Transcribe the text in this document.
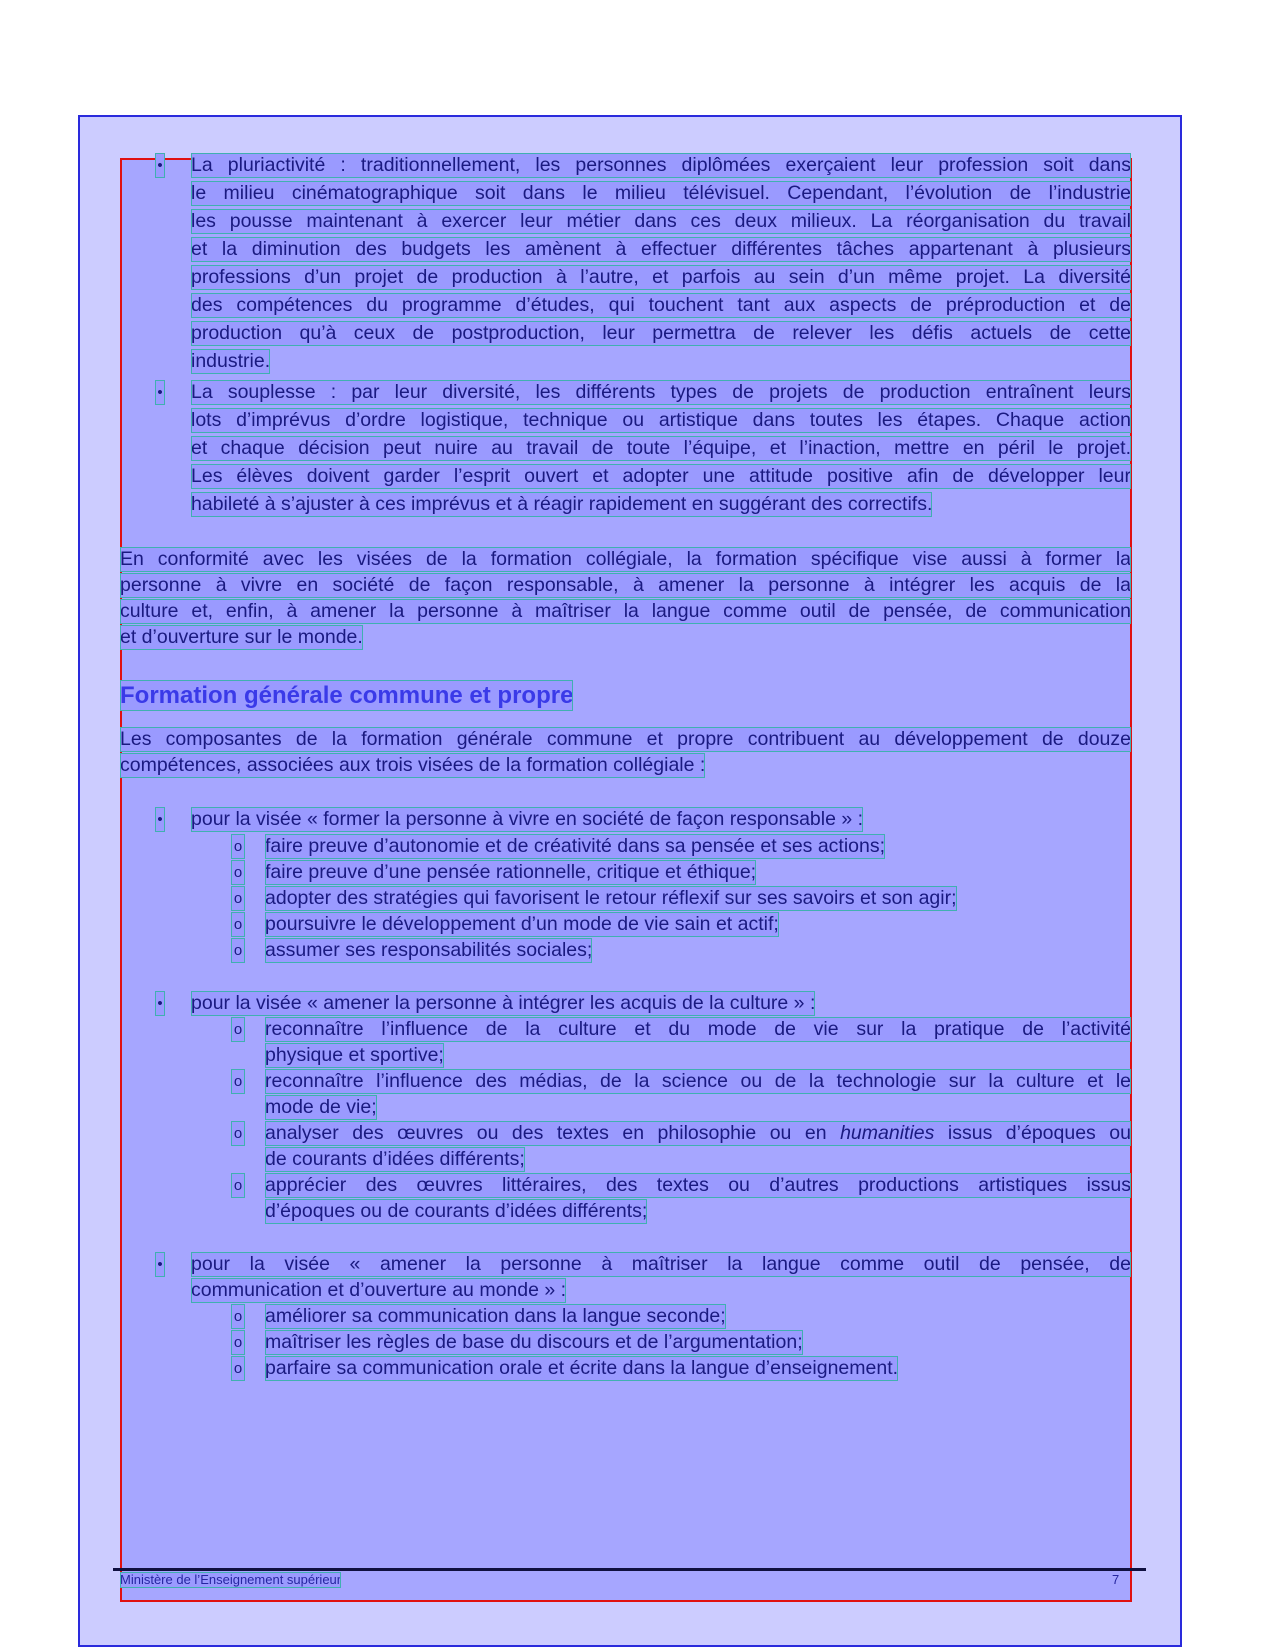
• La pluriactivité : traditionnellement, les personnes diplômées exerçaient leur profession soit dans
le milieu cinématographique soit dans le milieu télévisuel. Cependant, l’évolution de l’industrie
les pousse maintenant à exercer leur métier dans ces deux milieux. La réorganisation du travail
et la diminution des budgets les amènent à effectuer différentes tâches appartenant à plusieurs
professions d’un projet de production à l’autre, et parfois au sein d’un même projet. La diversité
des compétences du programme d’études, qui touchent tant aux aspects de préproduction et de
production qu’à ceux de postproduction, leur permettra de relever les défis actuels de cette
industrie.
• La souplesse : par leur diversité, les différents types de projets de production entraînent leurs
lots d’imprévus d’ordre logistique, technique ou artistique dans toutes les étapes. Chaque action
et chaque décision peut nuire au travail de toute l’équipe, et l’inaction, mettre en péril le projet.
Les élèves doivent garder l’esprit ouvert et adopter une attitude positive afin de développer leur
habileté à s’ajuster à ces imprévus et à réagir rapidement en suggérant des correctifs.
En conformité avec les visées de la formation collégiale, la formation spécifique vise aussi à former la
personne à vivre en société de façon responsable, à amener la personne à intégrer les acquis de la
culture et, enfin, à amener la personne à maîtriser la langue comme outil de pensée, de communication
et d’ouverture sur le monde.
Formation générale commune et propre
Les composantes de la formation générale commune et propre contribuent au développement de douze
compétences, associées aux trois visées de la formation collégiale :
• pour la visée « former la personne à vivre en société de façon responsable » :
o faire preuve d’autonomie et de créativité dans sa pensée et ses actions;
o faire preuve d’une pensée rationnelle, critique et éthique;
o adopter des stratégies qui favorisent le retour réflexif sur ses savoirs et son agir;
o poursuivre le développement d’un mode de vie sain et actif;
o assumer ses responsabilités sociales;
• pour la visée « amener la personne à intégrer les acquis de la culture » :
o reconnaître l’influence de la culture et du mode de vie sur la pratique de l’activité
physique et sportive;
o reconnaître l’influence des médias, de la science ou de la technologie sur la culture et le
mode de vie;
o analyser des œuvres ou des textes en philosophie ou en humanities issus d’époques ou
de courants d’idées différents;
o apprécier des œuvres littéraires, des textes ou d’autres productions artistiques issus
d’époques ou de courants d’idées différents;
• pour la visée « amener la personne à maîtriser la langue comme outil de pensée, de
communication et d’ouverture au monde » :
o améliorer sa communication dans la langue seconde;
o maîtriser les règles de base du discours et de l’argumentation;
o parfaire sa communication orale et écrite dans la langue d’enseignement.
Ministère de l’Enseignement supérieur	7
